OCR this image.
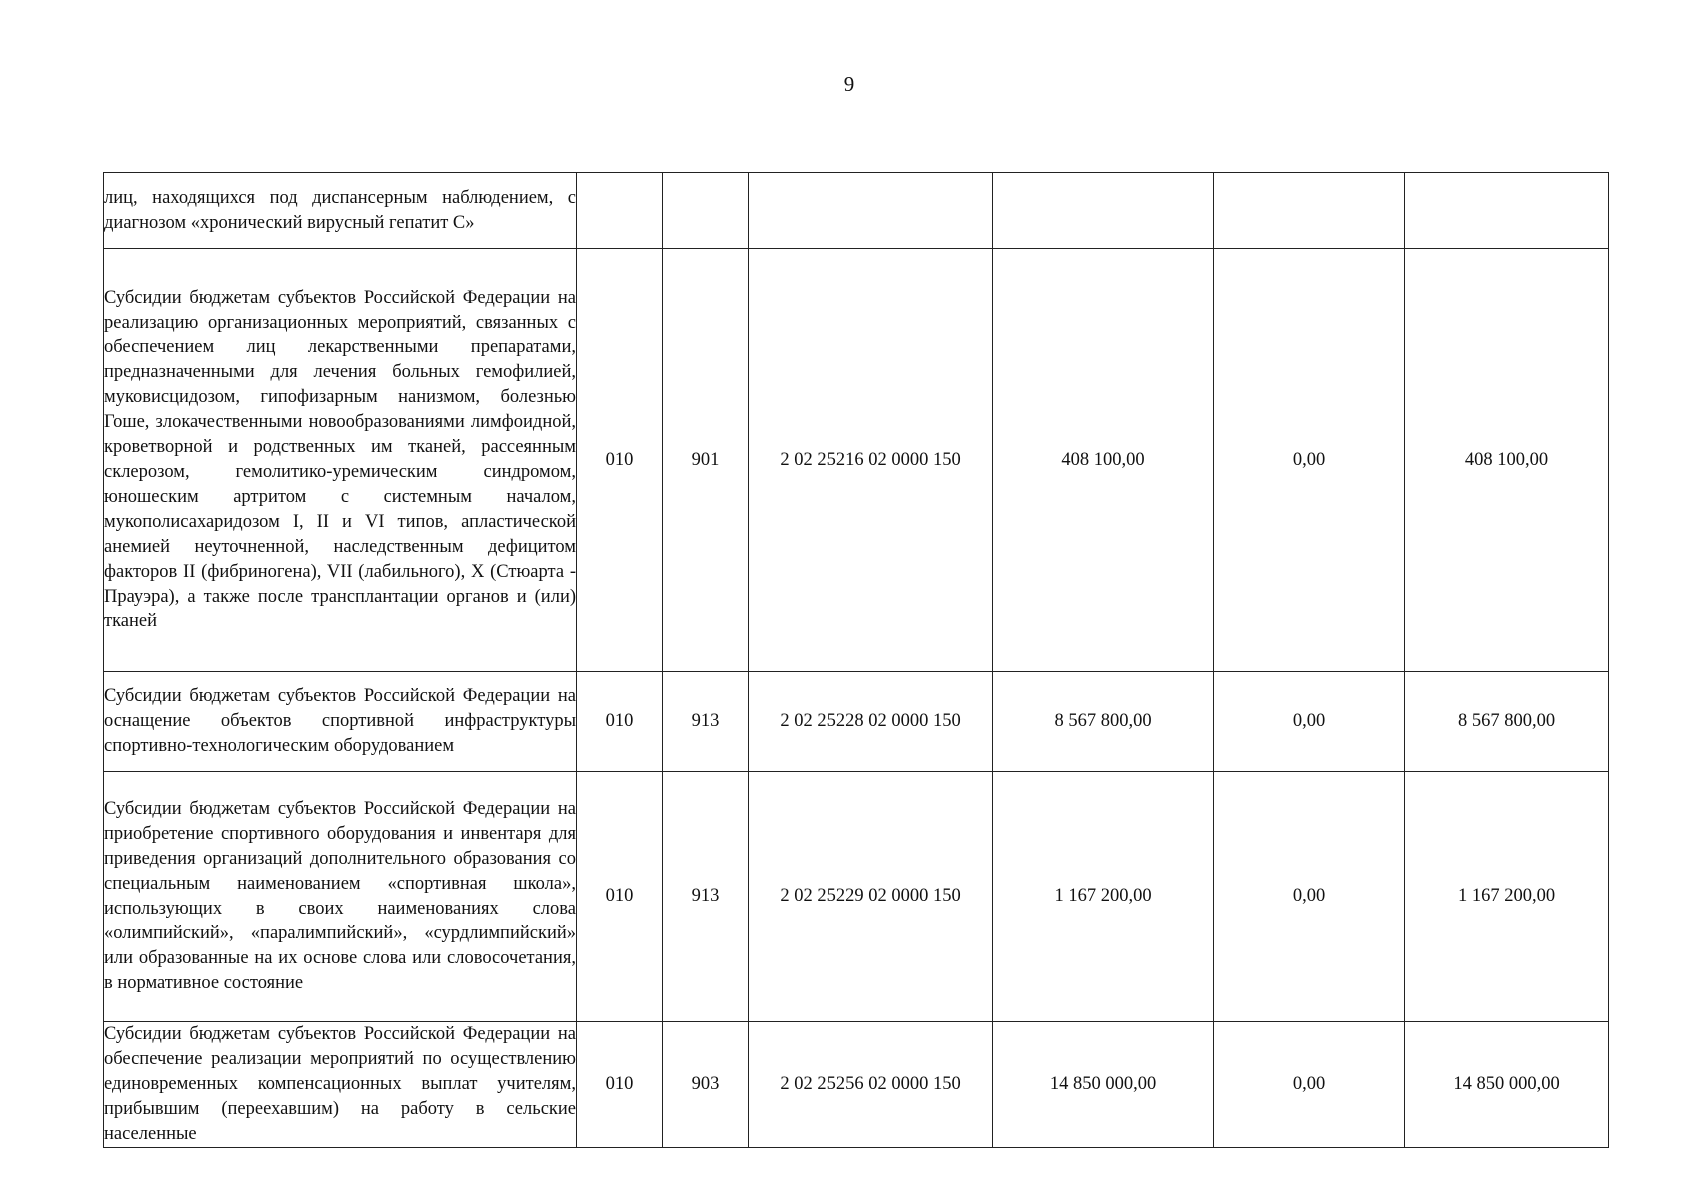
9
лиц, находящихся под диспансерным наблюдением, с диагнозом «хронический вирусный гепатит С»						
Субсидии бюджетам субъектов Российской Федерации на реализацию организационных мероприятий, связанных с обеспечением лиц лекарственными препаратами, предназначенными для лечения больных гемофилией, муковисцидозом, гипофизарным нанизмом, болезнью Гоше, злокачественными новообразованиями лимфоидной, кроветворной и родственных им тканей, рассеянным склерозом, гемолитико-уремическим синдромом, юношеским артритом с системным началом, мукополисахаридозом I, II и VI типов, апластической анемией неуточненной, наследственным дефицитом факторов II (фибриногена), VII (лабильного), X (Стюарта - Прауэра), а также после трансплантации органов и (или) тканей	010	901	2 02 25216 02 0000 150	408 100,00	0,00	408 100,00
Субсидии бюджетам субъектов Российской Федерации на оснащение объектов спортивной инфраструктуры спортивно-технологическим оборудованием	010	913	2 02 25228 02 0000 150	8 567 800,00	0,00	8 567 800,00
Субсидии бюджетам субъектов Российской Федерации на приобретение спортивного оборудования и инвентаря для приведения организаций дополнительного образования со специальным наименованием «спортивная школа», использующих в своих наименованиях слова «олимпийский», «паралимпийский», «сурдлимпийский» или образованные на их основе слова или словосочетания, в нормативное состояние	010	913	2 02 25229 02 0000 150	1 167 200,00	0,00	1 167 200,00
Субсидии бюджетам субъектов Российской Федерации на обеспечение реализации мероприятий по осуществлению единовременных компенсационных выплат учителям, прибывшим (переехавшим) на работу в сельские населенные	010	903	2 02 25256 02 0000 150	14 850 000,00	0,00	14 850 000,00
